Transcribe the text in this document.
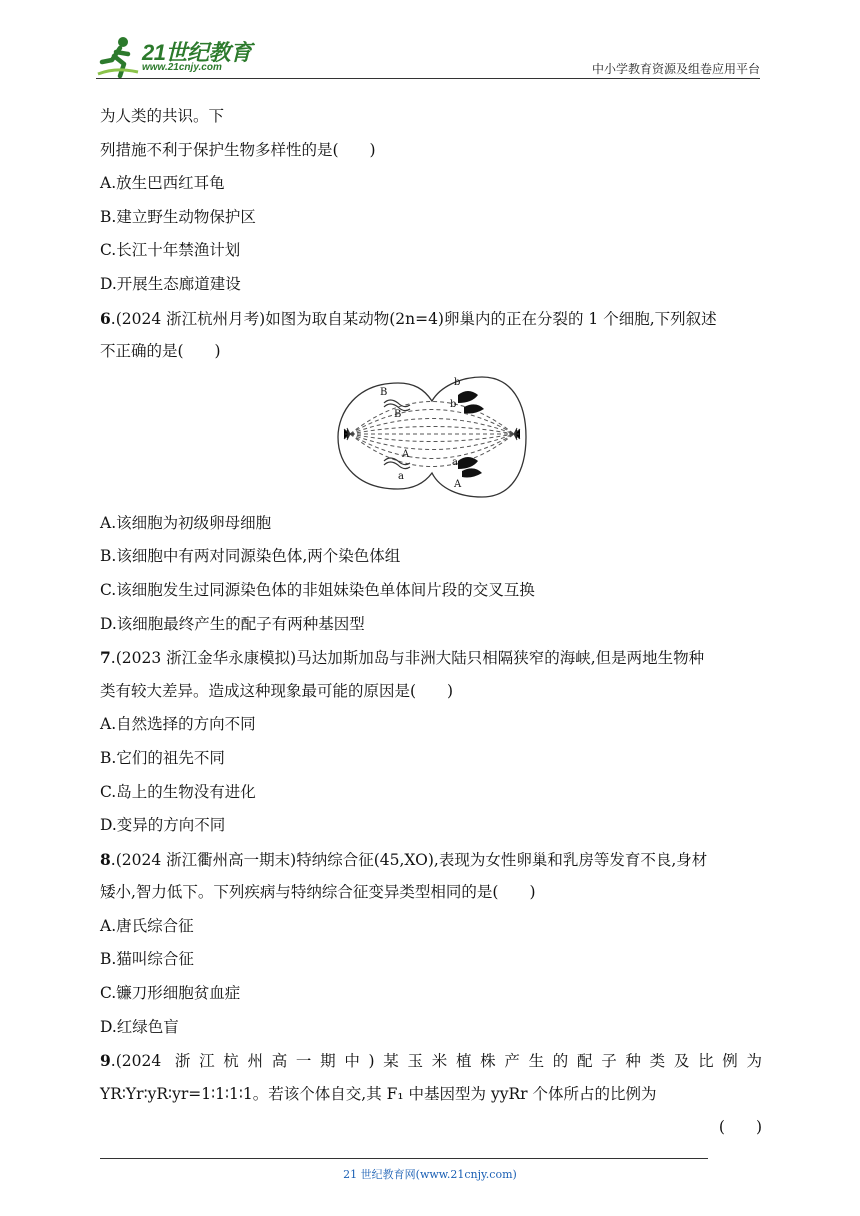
21世纪教育
www.21cnjy.com	中小学教育资源及组卷应用平台
为人类的共识。下
列措施不利于保护生物多样性的是(　　)
A.放生巴西红耳龟
B.建立野生动物保护区
C.长江十年禁渔计划
D.开展生态廊道建设
6.(2024 浙江杭州月考)如图为取自某动物(2n=4)卵巢内的正在分裂的 1 个细胞,下列叙述
不正确的是(　　)
B
B
b
b
A
a
a
A
A.该细胞为初级卵母细胞
B.该细胞中有两对同源染色体,两个染色体组
C.该细胞发生过同源染色体的非姐妹染色单体间片段的交叉互换
D.该细胞最终产生的配子有两种基因型
7.(2023 浙江金华永康模拟)马达加斯加岛与非洲大陆只相隔狭窄的海峡,但是两地生物种
类有较大差异。造成这种现象最可能的原因是(　　)
A.自然选择的方向不同
B.它们的祖先不同
C.岛上的生物没有进化
D.变异的方向不同
8.(2024 浙江衢州高一期末)特纳综合征(45,XO),表现为女性卵巢和乳房等发育不良,身材
矮小,智力低下。下列疾病与特纳综合征变异类型相同的是(　　)
A.唐氏综合征
B.猫叫综合征
C.镰刀形细胞贫血症
D.红绿色盲
9.(2024 浙江杭州高一期中)某玉米植株产生的配子种类及比例为
YR∶Yr∶yR∶yr=1∶1∶1∶1。若该个体自交,其 F₁ 中基因型为 yyRr 个体所占的比例为
(　　)
21 世纪教育网(www.21cnjy.com)
